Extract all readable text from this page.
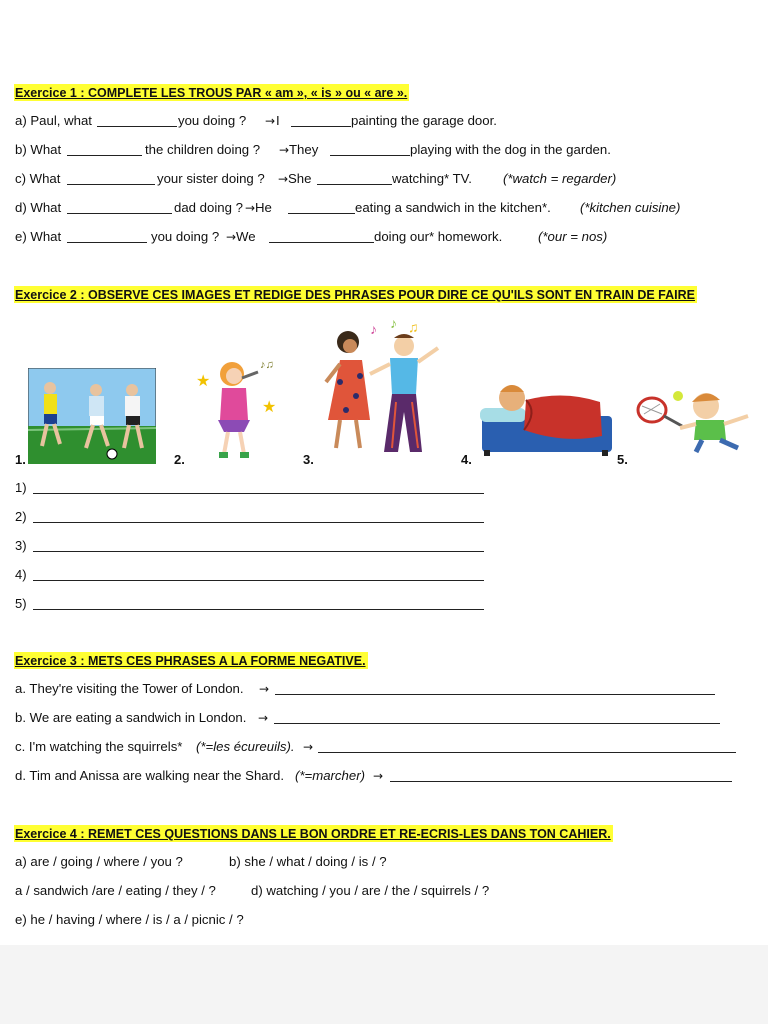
Exercice 1 : COMPLETE LES TROUS PAR « am », « is » ou « are ».
a) Paul, what	you doing ? → I	painting the garage door.
b) What	the children doing ? → They	playing with the dog in the garden.
c) What	your sister doing ? → She	watching* TV. (*watch = regarder)
d) What	dad doing ? → He	eating a sandwich in the kitchen*. (*kitchen cuisine)
e) What	you doing ? → We	doing our* homework.	(*our = nos)
Exercice 2 : OBSERVE CES IMAGES ET REDIGE DES PHRASES POUR DIRE CE QU'ILS SONT EN TRAIN DE FAIRE
★
★
♪♫
♪ ♪ ♫
1.	2.	3.	4.	5.
1)
2)
3)
4)
5)
Exercice 3 : METS CES PHRASES A LA FORME NEGATIVE.
a. They're visiting the Tower of London. →
b. We are eating a sandwich in London. →
c. I'm watching the squirrels* (*=les écureuils). →
d. Tim and Anissa are walking near the Shard. (*=marcher) →
Exercice 4 : REMET CES QUESTIONS DANS LE BON ORDRE ET RE-ECRIS-LES DANS TON CAHIER.
a) are / going / where / you ?	b) she / what / doing / is / ?
a / sandwich /are / eating / they / ?	d) watching / you / are / the / squirrels / ?
e) he / having / where / is / a / picnic / ?
